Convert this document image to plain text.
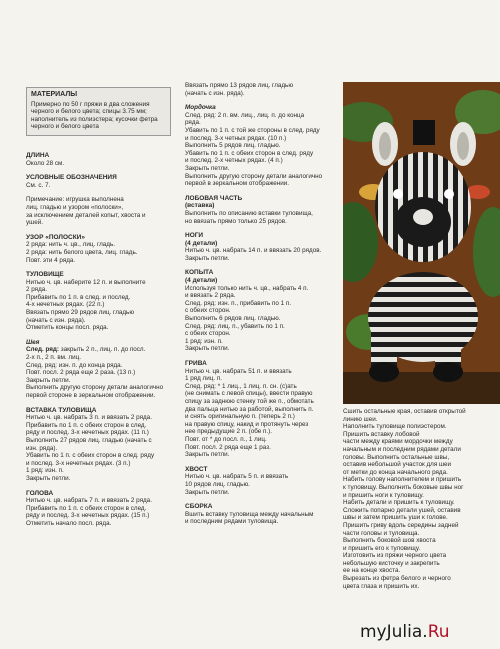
МАТЕРИАЛЫ

Примерно по 50 г пряжи в два сложения черного и белого цвета; спицы 3.75 мм; наполнитель из полиэстера; кусочки фетра черного и белого цвета

ДЛИНА

Около 28 см.

УСЛОВНЫЕ ОБОЗНАЧЕНИЯ

См. с. 7.

Примечание: игрушка выполнена
лиц. гладью и узором «полоски»,
за исключением деталей копыт, хвоста и
ушей.

УЗОР «ПОЛОСКИ»

2 ряда: нить ч. цв., лиц. гладь.
2 ряда: нить белого цвета, лиц. гладь.
Повт. эти 4 ряда.

ТУЛОВИЩЕ

Нитью ч. цв. наберите 12 п. и выполните
2 ряда.
Прибавить по 1 п. в след. и послед.
4-х нечетных рядах. (22 п.)
Ввязать прямо 29 рядов лиц. гладью
(начать с изн. ряда).
Отметить концы посл. ряда.

Шея

След. ряд: закрыть 2 п., лиц. п. до посл.
2-х п., 2 п. вм. лиц.
След. ряд: изн. п. до конца ряда.
Повт. посл. 2 ряда еще 2 раза. (13 п.)
Закрыть петли.
Выполнить другую сторону детали аналогично
первой стороне в зеркальном отображении.

ВСТАВКА ТУЛОВИЩА

Нитью ч. цв. набрать 3 п. и ввязать 2 ряда.
Прибавить по 1 п. с обеих сторон в след.
ряду и послед. 3-х нечетных рядах. (11 п.)
Выполнить 27 рядов лиц. гладью (начать с
изн. ряда).
Убавить по 1 п. с обеих сторон в след. ряду
и послед. 3-х нечетных рядах. (3 п.)
1 ряд: изн. п.
Закрыть петли.

ГОЛОВА

Нитью ч. цв. набрать 7 п. и ввязать 2 ряда.
Прибавить по 1 п. с обеих сторон в след.
ряду и послед. 3-х нечетных рядах. (15 п.)
Отметить начало посл. ряда.

Ввязать прямо 13 рядов лиц. гладью
(начать с изн. ряда).

Мордочка

След. ряд: 2 п. вм. лиц., лиц. п. до конца
ряда.
Убавить по 1 п. с той же стороны в след. ряду
и послед. 3-х четных рядах. (10 п.)
Выполнить 5 рядов лиц. гладью.
Убавить по 1 п. с обеих сторон в след. ряду
и послед. 2-х четных рядах. (4 п.)
Закрыть петли.
Выполнить другую сторону детали аналогично
первой в зеркальном отображении.

ЛОБОВАЯ ЧАСТЬ

(вставка)

Выполнить по описанию вставки туловища,
но ввязать прямо только 25 рядов.

НОГИ

(4 детали)

Нитью ч. цв. набрать 14 п. и ввязать 20 рядов.
Закрыть петли.

КОПЫТА

(4 детали)

Используя только нить ч. цв., набрать 4 п.
и ввязать 2 ряда.
След. ряд: изн. п., прибавить по 1 п.
с обеих сторон.
Выполнить 6 рядов лиц. гладью.
След. ряд: лиц. п., убавить по 1 п.
с обеих сторон.
1 ряд: изн. п.
Закрыть петли.

ГРИВА

Нитью ч. цв. набрать 51 п. и ввязать
1 ряд лиц. п.
След. ряд: * 1 лиц., 1 лиц. п. сн. (с)ать
(не снимать с левой спицы), ввести правую
спицу за заднюю стенку той же п., обмотать
два пальца нитью за работой, выполнить п.
и снять оригинальную п. (теперь 2 п.)
на правую спицу, накид и протянуть через
нее предыдущие 2 п. (обе п.).
Повт. от * до посл. п., 1 лиц.
Повт. посл. 2 ряда еще 1 раз.
Закрыть петли.

ХВОСТ

Нитью ч. цв. набрать 5 п. и ввязать
10 рядов лиц. гладью.
Закрыть петли.

СБОРКА

Вшить вставку туловища между начальным
и последним рядами туловища.

Сшить остальные края, оставив открытой
линию шеи.
Наполнить туловище полиэстером.
Пришить вставку лобовой
части между краями мордочки между
начальным и последним рядами детали
головы. Выполнить остальные швы,
оставив небольшой участок для шеи
от метки до конца начального ряда.
Набить голову наполнителем и пришить
к туловищу. Выполнить боковые швы ног
и пришить ноги к туловищу.
Набить детали и пришить к туловищу.
Сложить попарно детали ушей, оставив
швы и затем пришить уши к голове.
Пришить гриву вдоль середины задней
части головы и туловища.
Выполнить боковой шов хвоста
и пришить его к туловищу.
Изготовить из пряжи черного цвета
небольшую кисточку и закрепить
ее на конце хвоста.
Вырезать из фетра белого и черного
цвета глаза и пришить их.

myJulia.Ru
